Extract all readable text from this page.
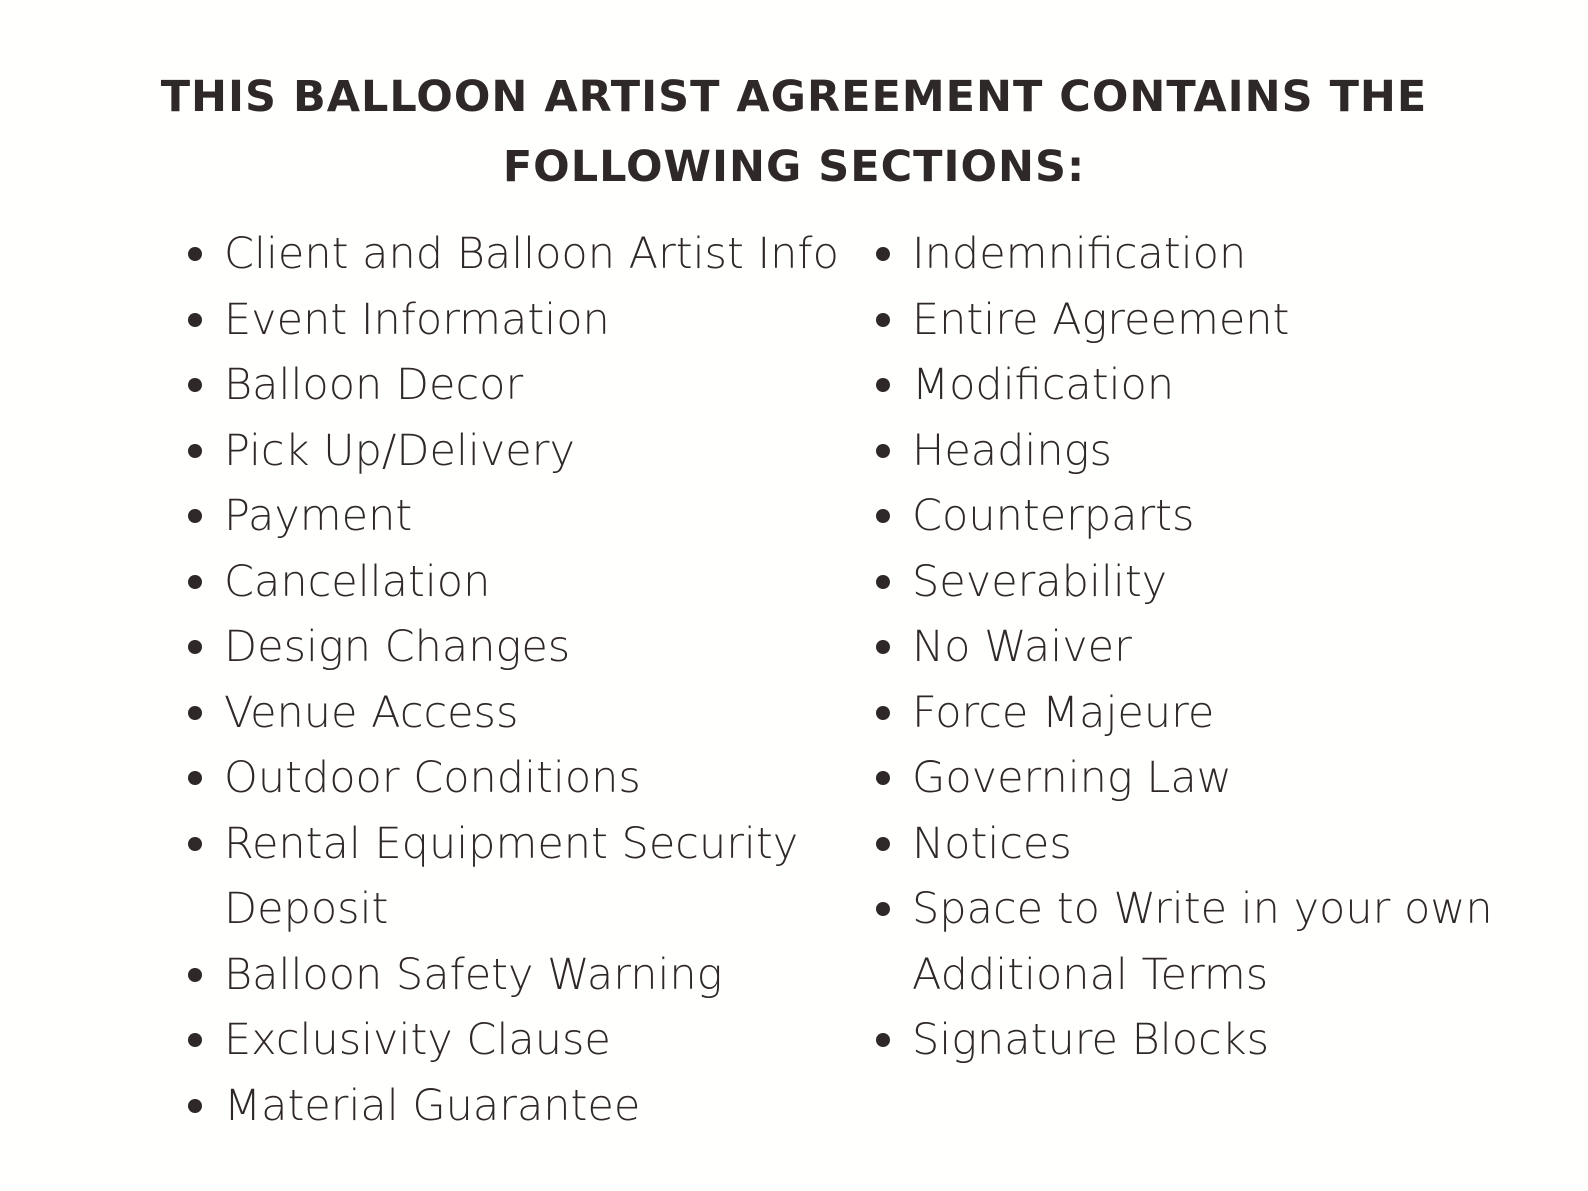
THIS BALLOON ARTIST AGREEMENT CONTAINS THE
FOLLOWING SECTIONS:
Client and Balloon Artist Info
Event Information
Balloon Decor
Pick Up/Delivery
Payment
Cancellation
Design Changes
Venue Access
Outdoor Conditions
Rental Equipment Security Deposit
Balloon Safety Warning
Exclusivity Clause
Material Guarantee
Indemnification
Entire Agreement
Modification
Headings
Counterparts
Severability
No Waiver
Force Majeure
Governing Law
Notices
Space to Write in your own Additional Terms
Signature Blocks
